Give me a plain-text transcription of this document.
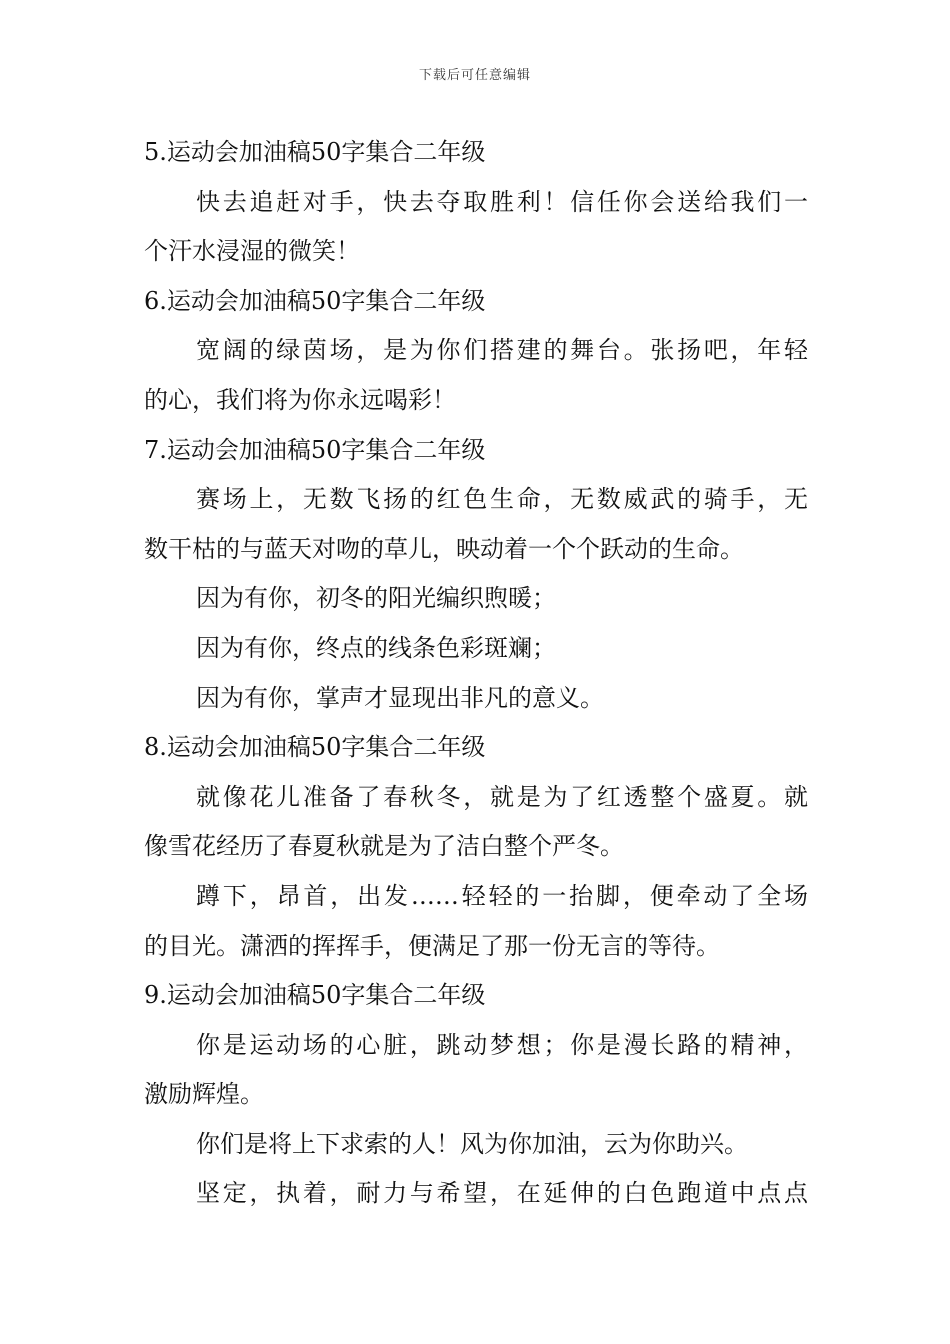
下载后可任意编辑
5.运动会加油稿50字集合二年级
快去追赶对手，快去夺取胜利！信任你会送给我们一
个汗水浸湿的微笑！
6.运动会加油稿50字集合二年级
宽阔的绿茵场，是为你们搭建的舞台。张扬吧，年轻
的心，我们将为你永远喝彩！
7.运动会加油稿50字集合二年级
赛场上，无数飞扬的红色生命，无数威武的骑手，无
数干枯的与蓝天对吻的草儿，映动着一个个跃动的生命。
因为有你，初冬的阳光编织煦暖；
因为有你，终点的线条色彩斑斓；
因为有你，掌声才显现出非凡的意义。
8.运动会加油稿50字集合二年级
就像花儿准备了春秋冬，就是为了红透整个盛夏。就
像雪花经历了春夏秋就是为了洁白整个严冬。
蹲下，昂首，出发……轻轻的一抬脚，便牵动了全场
的目光。潇洒的挥挥手，便满足了那一份无言的等待。
9.运动会加油稿50字集合二年级
你是运动场的心脏，跳动梦想；你是漫长路的精神，
激励辉煌。
你们是将上下求索的人！风为你加油，云为你助兴。
坚定，执着，耐力与希望，在延伸的白色跑道中点点
